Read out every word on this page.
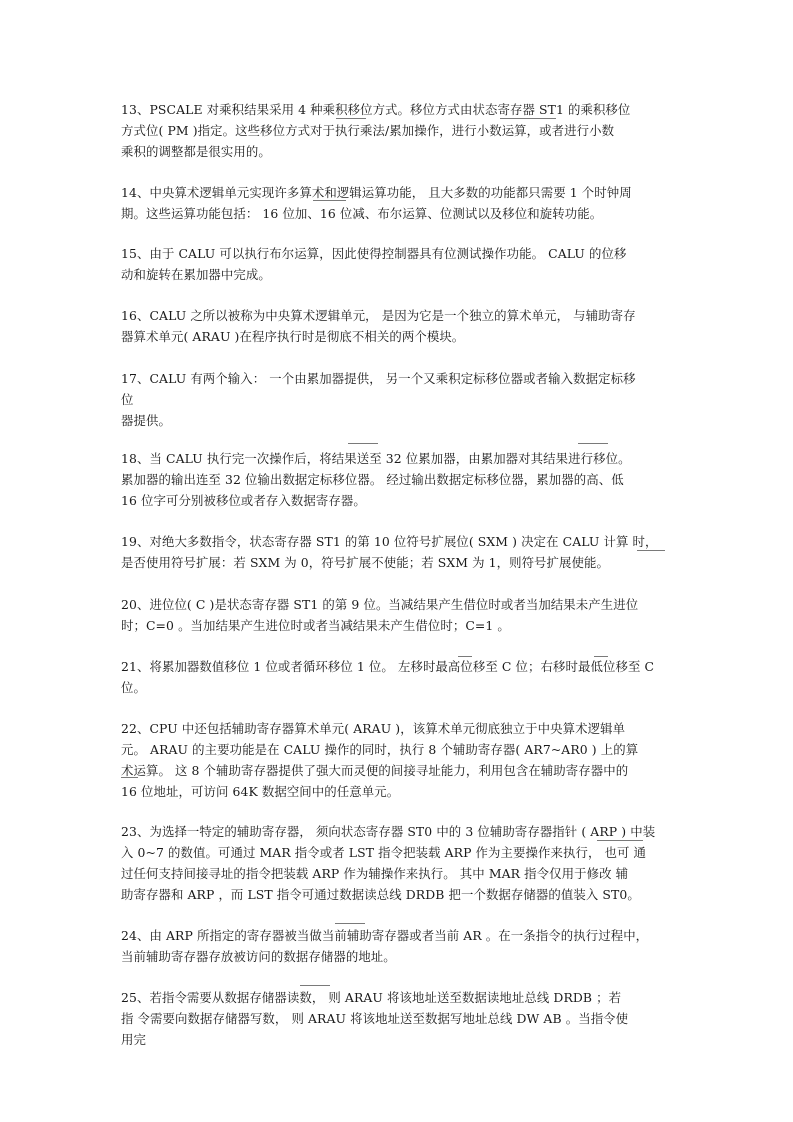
13、PSCALE 对乘积结果采用 4 种乘积移位方式。移位方式由状态寄存器 ST1 的乘积移位
方式位( PM )指定。这些移位方式对于执行乘法/累加操作，进行小数运算，或者进行小数
乘积的调整都是很实用的。
14、中央算术逻辑单元实现许多算术和逻辑运算功能， 且大多数的功能都只需要 1 个时钟周
期。这些运算功能包括： 16 位加、16 位减、布尔运算、位测试以及移位和旋转功能。
15、由于 CALU 可以执行布尔运算，因此使得控制器具有位测试操作功能。 CALU 的位移
动和旋转在累加器中完成。
16、CALU 之所以被称为中央算术逻辑单元， 是因为它是一个独立的算术单元， 与辅助寄存
器算术单元( ARAU )在程序执行时是彻底不相关的两个模块。
17、CALU 有两个输入： 一个由累加器提供， 另一个又乘积定标移位器或者输入数据定标移
位
器提供。
18、当 CALU 执行完一次操作后，将结果送至 32 位累加器，由累加器对其结果进行移位。
累加器的输出连至 32 位输出数据定标移位器。 经过输出数据定标移位器，累加器的高、低
16 位字可分别被移位或者存入数据寄存器。
19、对绝大多数指令，状态寄存器 ST1 的第 10 位符号扩展位( SXM ) 决定在 CALU 计算 时，
是否使用符号扩展：若 SXM 为 0，符号扩展不使能；若 SXM 为 1，则符号扩展使能。
20、进位位( C )是状态寄存器 ST1 的第 9 位。当减结果产生借位时或者当加结果未产生进位
时；C=0 。当加结果产生进位时或者当减结果未产生借位时；C=1 。
21、将累加器数值移位 1 位或者循环移位 1 位。 左移时最高位移至 C 位；右移时最低位移至 C
位。
22、CPU 中还包括辅助寄存器算术单元( ARAU )，该算术单元彻底独立于中央算术逻辑单
元。 ARAU 的主要功能是在 CALU 操作的同时，执行 8 个辅助寄存器( AR7~AR0 ) 上的算
术运算。 这 8 个辅助寄存器提供了强大而灵便的间接寻址能力，利用包含在辅助寄存器中的
16 位地址，可访问 64K 数据空间中的任意单元。
23、为选择一特定的辅助寄存器， 须向状态寄存器 ST0 中的 3 位辅助寄存器指针 ( ARP ) 中装
入 0~7 的数值。可通过 MAR 指令或者 LST 指令把装载 ARP 作为主要操作来执行， 也可 通
过任何支持间接寻址的指令把装载 ARP 作为辅操作来执行。 其中 MAR 指令仅用于修改 辅
助寄存器和 ARP ，而 LST 指令可通过数据读总线 DRDB 把一个数据存储器的值装入 ST0。
24、由 ARP 所指定的寄存器被当做当前辅助寄存器或者当前 AR 。在一条指令的执行过程中，
当前辅助寄存器存放被访问的数据存储器的地址。
25、若指令需要从数据存储器读数， 则 ARAU 将该地址送至数据读地址总线 DRDB ；若
指 令需要向数据存储器写数， 则 ARAU 将该地址送至数据写地址总线 DW AB 。当指令使
用完
